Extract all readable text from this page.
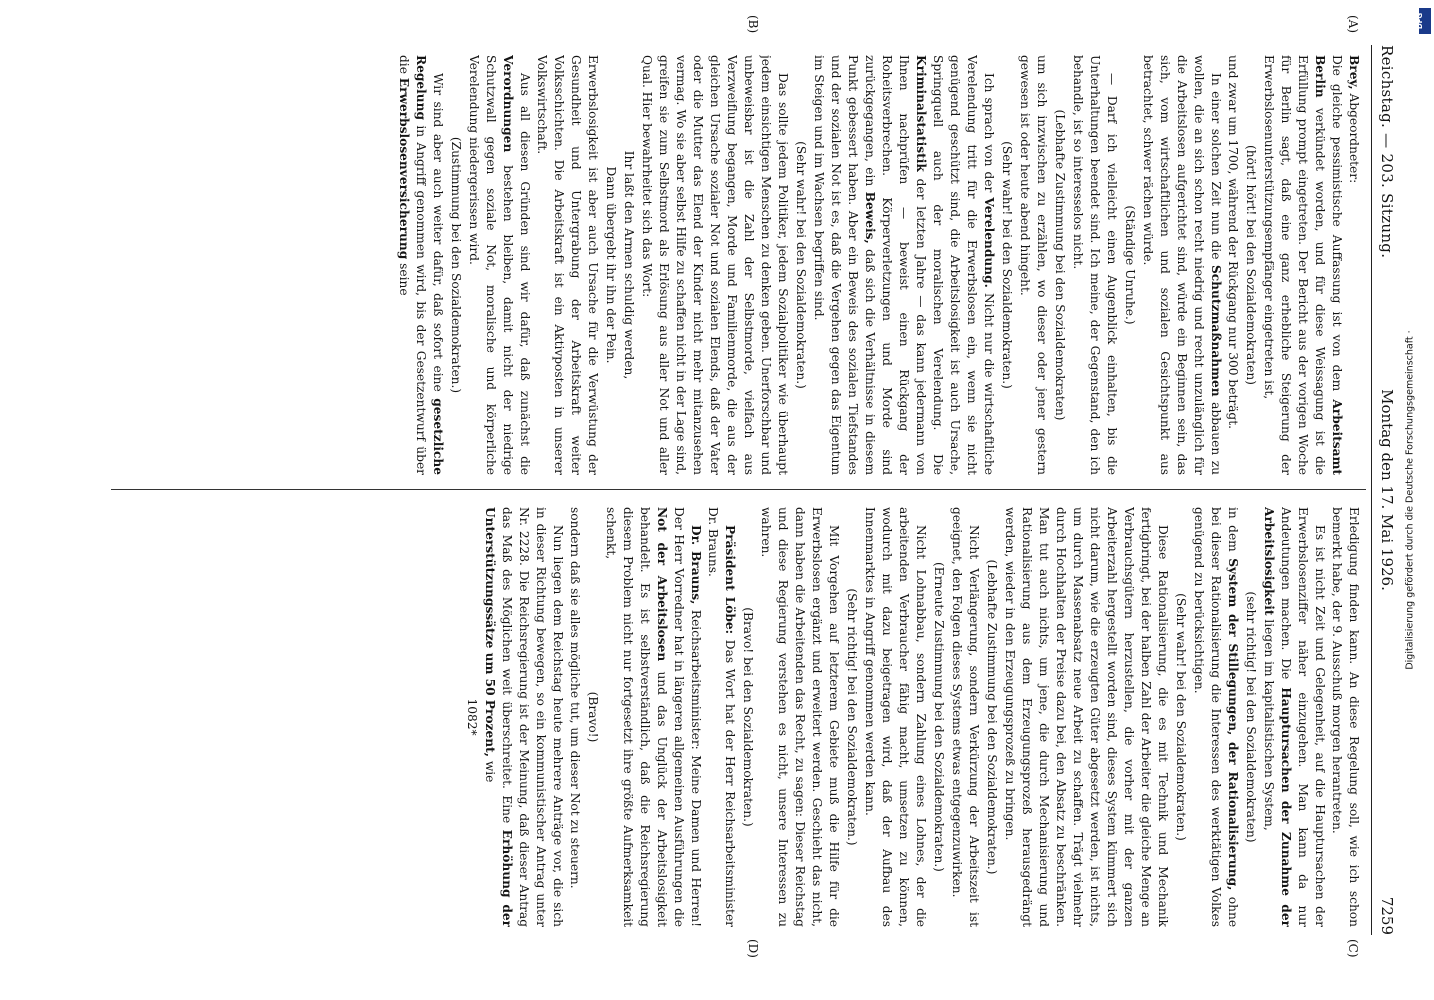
Reichstag. — 203. Sitzung.
Montag den 17. Mai 1926.
7259
(A)
(B)
(C)
(D)

Brey, Abgeordneter:

Die gleiche pessimistische Auffassung ist von dem Arbeitsamt Berlin verkündet worden, und für diese Weissagung ist die Erfüllung prompt eingetreten. Der Bericht aus der vorigen Woche für Berlin sagt, daß eine ganz erhebliche Steigerung der Erwerbslosenunterstützungsempfänger eingetreten ist,

(hört! hört! bei den Sozialdemokraten)

und zwar um 1700, während der Rückgang nur 300 beträgt.

In einer solchen Zeit nun die Schutzmaßnahmen abbauen zu wollen, die an sich schon recht niedrig und recht unzulänglich für die Arbeitslosen aufgerichtet sind, würde ein Beginnen sein, das sich, vom wirtschaftlichen und sozialen Gesichtspunkt aus betrachtet, schwer rächen würde.

(Ständige Unruhe.)

— Darf ich vielleicht einen Augenblick einhalten, bis die Unterhaltungen beendet sind. Ich meine, der Gegenstand, den ich behandle, ist so interesselos nicht.

(Lebhafte Zustimmung bei den Sozialdemokraten)

um sich inzwischen zu erzählen, wo dieser oder jener gestern gewesen ist oder heute abend hingeht.

(Sehr wahr! bei den Sozialdemokraten.)

Ich sprach von der Verelendung. Nicht nur die wirtschaftliche Verelendung tritt für die Erwerbslosen ein, wenn sie nicht genügend geschützt sind, die Arbeitslosigkeit ist auch Ursache, Springquell auch der moralischen Verelendung. Die Kriminalstatistik der letzten Jahre — das kann jedermann von Ihnen nachprüfen — beweist einen Rückgang der Roheitsverbrechen. Körperverletzungen und Morde sind zurückgegangen, ein Beweis, daß sich die Verhältnisse in diesem Punkt gebessert haben. Aber ein Beweis des sozialen Tiefstandes und der sozialen Not ist es, daß die Vergehen gegen das Eigentum im Steigen und im Wachsen begriffen sind.

(Sehr wahr! bei den Sozialdemokraten.)

Das sollte jedem Politiker, jedem Sozialpolitiker wie überhaupt jedem einsichtigen Menschen zu denken geben. Unerforschbar und unbeweisbar ist die Zahl der Selbstmorde, vielfach aus Verzweiflung begangen, Morde und Familienmorde, die aus der gleichen Ursache sozialer Not und sozialen Elends, daß der Vater oder die Mutter das Elend der Kinder nicht mehr mitanzusehen vermag. Wo sie aber selbst Hilfe zu schaffen nicht in der Lage sind, greifen sie zum Selbstmord als Erlösung aus aller Not und aller Qual. Hier bewahrheitet sich das Wort:

Ihr laßt den Armen schuldig werden,

Dann übergebt ihr ihn der Pein.

Erwerbslosigkeit ist aber auch Ursache für die Verwüstung der Gesundheit und Untergrabung der Arbeitskraft weiter Volksschichten. Die Arbeitskraft ist ein Aktivposten in unserer Volkswirtschaft.

Aus all diesen Gründen sind wir dafür, daß zunächst die Verordnungen bestehen bleiben, damit nicht der niedrige Schutzwall gegen soziale Not, moralische und körperliche Verelendung niedergerissen wird.

(Zustimmung bei den Sozialdemokraten.)

Wir sind aber auch weiter dafür, daß sofort eine gesetzliche Regelung in Angriff genommen wird, bis der Gesetzentwurf über die Erwerbslosenversicherung seine

Erledigung finden kann. An diese Regelung soll, wie ich schon bemerkt habe, der 9. Ausschuß morgen herantreten.

Es ist nicht Zeit und Gelegenheit, auf die Hauptursachen der Erwerbslosenziffer näher einzugehen. Man kann da nur Andeutungen machen. Die Hauptursachen der Zunahme der Arbeitslosigkeit liegen im kapitalistischen System,

(sehr richtig! bei den Sozialdemokraten)

in dem System der Stillegungen, der Rationalisierung, ohne bei dieser Rationalisierung die Interessen des werktätigen Volkes genügend zu berücksichtigen.

(Sehr wahr! bei den Sozialdemokraten.)

Diese Rationalisierung, die es mit Technik und Mechanik fertigbringt, bei der halben Zahl der Arbeiter die gleiche Menge an Verbrauchsgütern herzustellen, die vorher mit der ganzen Arbeiterzahl hergestellt worden sind, dieses System kümmert sich nicht darum, wie die erzeugten Güter abgesetzt werden, ist nichts, um durch Massenabsatz neue Arbeit zu schaffen. Trägt vielmehr durch Hochhalten der Preise dazu bei, den Absatz zu beschränken. Man tut auch nichts, um jene, die durch Mechanisierung und Rationalisierung aus dem Erzeugungsprozeß herausgedrängt werden, wieder in den Erzeugungsprozeß zu bringen.

(Lebhafte Zustimmung bei den Sozialdemokraten.)

Nicht Verlängerung, sondern Verkürzung der Arbeitszeit ist geeignet, den Folgen dieses Systems etwas entgegenzuwirken.

(Erneute Zustimmung bei den Sozialdemokraten.)

Nicht Lohnabbau, sondern Zahlung eines Lohnes, der die arbeitenden Verbraucher fähig macht, umsetzen zu können, wodurch mit dazu beigetragen wird, daß der Aufbau des Innenmarktes in Angriff genommen werden kann.

(Sehr richtig! bei den Sozialdemokraten.)

Mit Vorgehen auf letzterem Gebiete muß die Hilfe für die Erwerbslosen ergänzt und erweitert werden. Geschieht das nicht, dann haben die Arbeitenden das Recht, zu sagen: Dieser Reichstag und diese Regierung verstehen es nicht, unsere Interessen zu wahren.

(Bravo! bei den Sozialdemokraten.)

Präsident Löbe: Das Wort hat der Herr Reichsarbeitsminister Dr. Brauns.

Dr. Brauns, Reichsarbeitsminister: Meine Damen und Herren! Der Herr Vorredner hat in längeren allgemeinen Ausführungen die Not der Arbeitslosen und das Unglück der Arbeitslosigkeit behandelt. Es ist selbstverständlich, daß die Reichsregierung diesem Problem nicht nur fortgesetzt ihre größte Aufmerksamkeit schenkt,

(Bravo!)

sondern daß sie alles mögliche tut, um dieser Not zu steuern.

Nun liegen dem Reichstag heute mehrere Anträge vor, die sich in dieser Richtung bewegen, so ein kommunistischer Antrag unter Nr. 2228. Die Reichsregierung ist der Meinung, daß dieser Antrag das Maß des Möglichen weit überschreitet. Eine Erhöhung der Unterstützungssätze um 50 Prozent, wie

1082*

DFG
Digitalisierung gefördert durch die Deutsche Forschungsgemeinschaft ·
